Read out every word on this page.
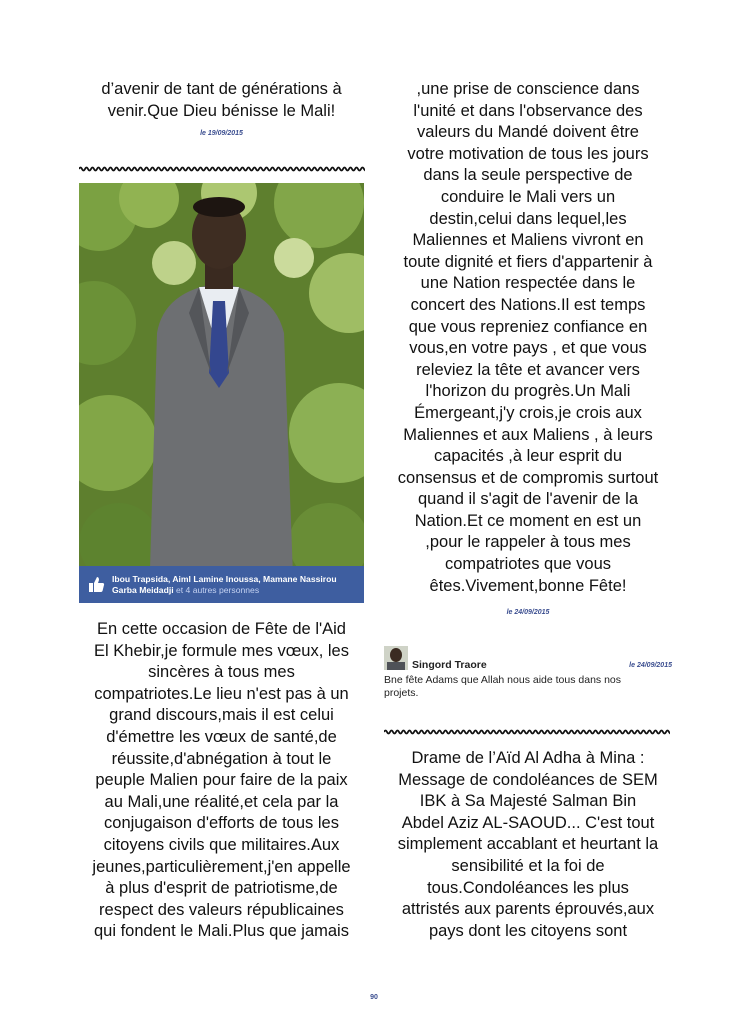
d’avenir de tant de générations à
venir.Que Dieu bénisse le Mali!
le 19/09/2015
Ibou Trapsida, Aiml Lamine Inoussa, Mamane Nassirou Garba Meidadji et 4 autres personnes
En cette occasion de Fête de l'Aid
El Khebir,je formule mes vœux, les
sincères à tous mes
compatriotes.Le lieu n'est pas à un
grand discours,mais il est celui
d'émettre les vœux de santé,de
réussite,d'abnégation à tout le
peuple Malien pour faire de la paix
au Mali,une réalité,et cela par la
conjugaison d'efforts de tous les
citoyens civils que militaires.Aux
jeunes,particulièrement,j'en appelle
à plus d'esprit de patriotisme,de
respect des valeurs républicaines
qui fondent le Mali.Plus que jamais
,une prise de conscience dans
l'unité et dans l'observance des
valeurs du Mandé doivent être
votre motivation de tous les jours
dans la seule perspective de
conduire le Mali vers un
destin,celui dans lequel,les
Maliennes et Maliens vivront en
toute dignité et fiers d'appartenir à
une Nation respectée dans le
concert des Nations.Il est temps
que vous repreniez confiance en
vous,en votre pays , et que vous
releviez la tête et avancer vers
l'horizon du progrès.Un Mali
Émergeant,j'y crois,je crois aux
Maliennes et aux Maliens , à leurs
capacités ,à leur esprit du
consensus et de compromis surtout
quand il s'agit de l'avenir de la
Nation.Et ce moment en est un
,pour le rappeler à tous mes
compatriotes que vous
êtes.Vivement,bonne Fête!
le 24/09/2015
Singord Traore	le 24/09/2015
Bne fête Adams que Allah nous aide tous dans nos
projets.
Drame de l’Aïd Al Adha à Mina :
Message de condoléances de SEM
IBK à Sa Majesté Salman Bin
Abdel Aziz AL-SAOUD... C'est tout
simplement accablant et heurtant la
sensibilité et la foi de
tous.Condoléances les plus
attristés aux parents éprouvés,aux
pays dont les citoyens sont
90
